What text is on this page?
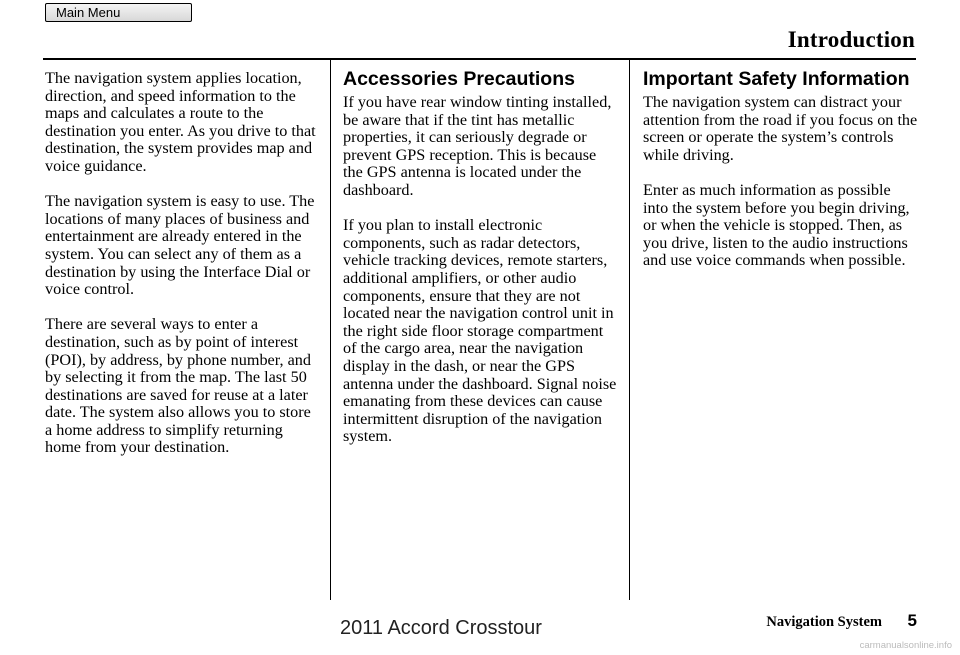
Main Menu
Introduction

The navigation system applies location, direction, and speed information to the maps and calculates a route to the destination you enter. As you drive to that destination, the system provides map and voice guidance.

The navigation system is easy to use. The locations of many places of business and entertainment are already entered in the system. You can select any of them as a destination by using the Interface Dial or voice control.

There are several ways to enter a destination, such as by point of interest (POI), by address, by phone number, and by selecting it from the map. The last 50 destinations are saved for reuse at a later date. The system also allows you to store a home address to simplify returning home from your destination.

Accessories Precautions

If you have rear window tinting installed, be aware that if the tint has metallic properties, it can seriously degrade or prevent GPS reception. This is because the GPS antenna is located under the dashboard.

If you plan to install electronic components, such as radar detectors, vehicle tracking devices, remote starters, additional amplifiers, or other audio components, ensure that they are not located near the navigation control unit in the right side floor storage compartment of the cargo area, near the navigation display in the dash, or near the GPS antenna under the dashboard. Signal noise emanating from these devices can cause intermittent disruption of the navigation system.

Important Safety Information

The navigation system can distract your attention from the road if you focus on the screen or operate the system’s controls while driving.

Enter as much information as possible into the system before you begin driving, or when the vehicle is stopped. Then, as you drive, listen to the audio instructions and use voice commands when possible.

Navigation System 5
2011 Accord Crosstour
carmanualsonline.info
